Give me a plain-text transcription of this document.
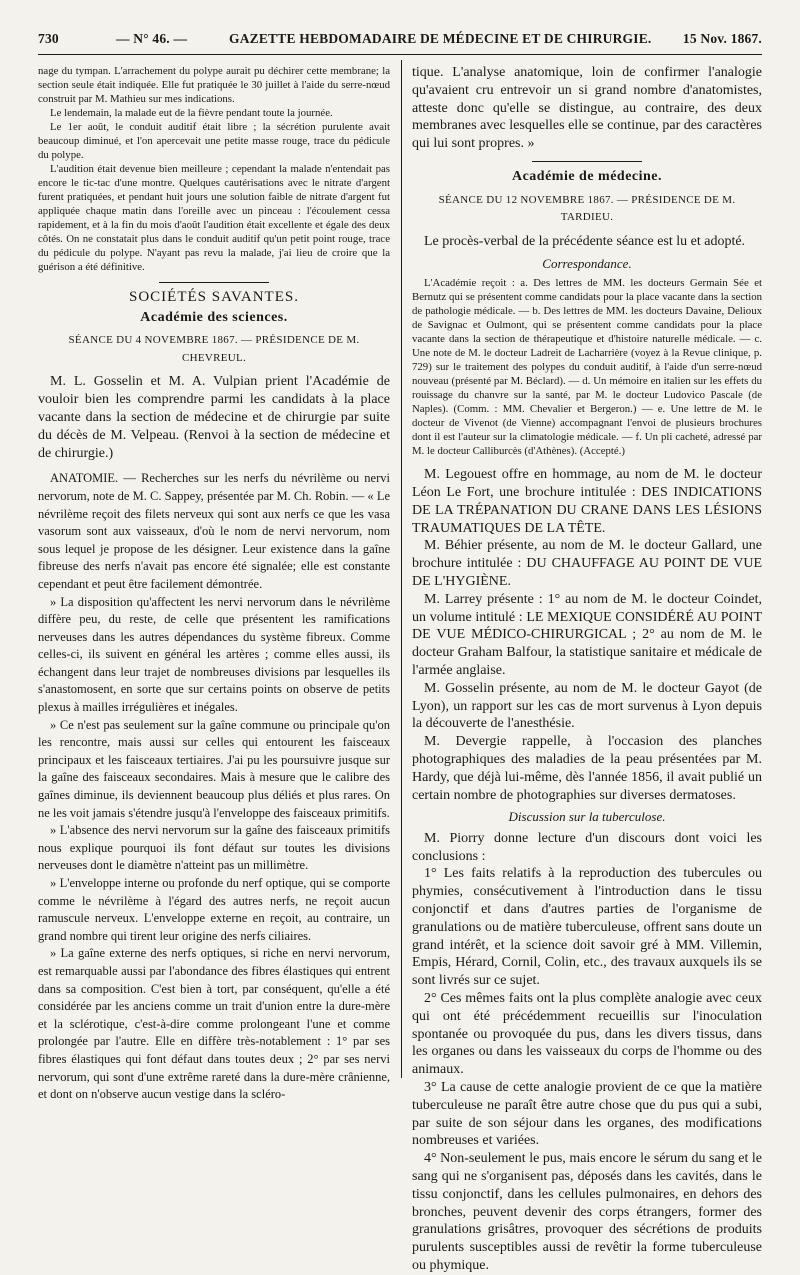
730	— N° 46. —	GAZETTE HEBDOMADAIRE DE MÉDECINE ET DE CHIRURGIE. 15 Nov. 1867.

nage du tympan. L'arrachement du polype aurait pu déchirer cette membrane; la section seule était indiquée. Elle fut pratiquée le 30 juillet à l'aide du serre-nœud construit par M. Mathieu sur mes indications.

Le lendemain, la malade eut de la fièvre pendant toute la journée.

Le 1er août, le conduit auditif était libre ; la sécrétion purulente avait beaucoup diminué, et l'on apercevait une petite masse rouge, trace du pédicule du polype.

L'audition était devenue bien meilleure ; cependant la malade n'entendait pas encore le tic-tac d'une montre. Quelques cautérisations avec le nitrate d'argent furent pratiquées, et pendant huit jours une solution faible de nitrate d'argent fut appliquée chaque matin dans l'oreille avec un pinceau : l'écoulement cessa rapidement, et à la fin du mois d'août l'audition était excellente et égale des deux côtés. On ne constatait plus dans le conduit auditif qu'un petit point rouge, trace du pédicule du polype. N'ayant pas revu la malade, j'ai lieu de croire que la guérison a été définitive.

SOCIÉTÉS SAVANTES.

Académie des sciences.

SÉANCE DU 4 NOVEMBRE 1867. — PRÉSIDENCE DE M. CHEVREUL.

M. L. Gosselin et M. A. Vulpian prient l'Académie de vouloir bien les comprendre parmi les candidats à la place vacante dans la section de médecine et de chirurgie par suite du décès de M. Velpeau. (Renvoi à la section de médecine et de chirurgie.)

ANATOMIE. — Recherches sur les nerfs du névrilème ou nervi nervorum, note de M. C. Sappey, présentée par M. Ch. Robin. — « Le névrilème reçoit des filets nerveux qui sont aux nerfs ce que les vasa vasorum sont aux vaisseaux, d'où le nom de nervi nervorum, nom sous lequel je propose de les désigner. Leur existence dans la gaîne fibreuse des nerfs n'avait pas encore été signalée; elle est constante cependant et peut être facilement démontrée.

» La disposition qu'affectent les nervi nervorum dans le névrilème diffère peu, du reste, de celle que présentent les ramifications nerveuses dans les autres dépendances du système fibreux. Comme celles-ci, ils suivent en général les artères ; comme elles aussi, ils échangent dans leur trajet de nombreuses divisions par lesquelles ils s'anastomosent, en sorte que sur certains points on observe de petits plexus à mailles irrégulières et inégales.

» Ce n'est pas seulement sur la gaîne commune ou principale qu'on les rencontre, mais aussi sur celles qui entourent les faisceaux principaux et les faisceaux tertiaires. J'ai pu les poursuivre jusque sur la gaîne des faisceaux secondaires. Mais à mesure que le calibre des gaînes diminue, ils deviennent beaucoup plus déliés et plus rares. On ne les voit jamais s'étendre jusqu'à l'enveloppe des faisceaux primitifs.

» L'absence des nervi nervorum sur la gaîne des faisceaux primitifs nous explique pourquoi ils font défaut sur toutes les divisions nerveuses dont le diamètre n'atteint pas un millimètre.

» L'enveloppe interne ou profonde du nerf optique, qui se comporte comme le névrilème à l'égard des autres nerfs, ne reçoit aucun ramuscule nerveux. L'enveloppe externe en reçoit, au contraire, un grand nombre qui tirent leur origine des nerfs ciliaires.

» La gaîne externe des nerfs optiques, si riche en nervi nervorum, est remarquable aussi par l'abondance des fibres élastiques qui entrent dans sa composition. C'est bien à tort, par conséquent, qu'elle a été considérée par les anciens comme un trait d'union entre la dure-mère et la sclérotique, c'est-à-dire comme prolongeant l'une et comme prolongée par l'autre. Elle en diffère très-notablement : 1° par ses fibres élastiques qui font défaut dans toutes deux ; 2° par ses nervi nervorum, qui sont d'une extrême rareté dans la dure-mère crânienne, et dont on n'observe aucun vestige dans la scléro-

tique. L'analyse anatomique, loin de confirmer l'analogie qu'avaient cru entrevoir un si grand nombre d'anatomistes, atteste donc qu'elle se distingue, au contraire, des deux membranes avec lesquelles elle se continue, par des caractères qui lui sont propres. »

Académie de médecine.

SÉANCE DU 12 NOVEMBRE 1867. — PRÉSIDENCE DE M. TARDIEU.

Le procès-verbal de la précédente séance est lu et adopté.

Correspondance.

L'Académie reçoit : a. Des lettres de MM. les docteurs Germain Sée et Bernutz qui se présentent comme candidats pour la place vacante dans la section de pathologie médicale. — b. Des lettres de MM. les docteurs Davaine, Delioux de Savignac et Oulmont, qui se présentent comme candidats pour la place vacante dans la section de thérapeutique et d'histoire naturelle médicale. — c. Une note de M. le docteur Ladreit de Lacharrière (voyez à la Revue clinique, p. 729) sur le traitement des polypes du conduit auditif, à l'aide d'un serre-nœud nouveau (présenté par M. Béclard). — d. Un mémoire en italien sur les effets du rouissage du chanvre sur la santé, par M. le docteur Ludovico Pascale (de Naples). (Comm. : MM. Chevalier et Bergeron.) — e. Une lettre de M. le docteur de Vivenot (de Vienne) accompagnant l'envoi de plusieurs brochures dont il est l'auteur sur la climatologie médicale. — f. Un pli cacheté, adressé par M. le docteur Calliburcès (d'Athènes). (Accepté.)

M. Legouest offre en hommage, au nom de M. le docteur Léon Le Fort, une brochure intitulée : DES INDICATIONS DE LA TRÉPANATION DU CRANE DANS LES LÉSIONS TRAUMATIQUES DE LA TÊTE.

M. Béhier présente, au nom de M. le docteur Gallard, une brochure intitulée : DU CHAUFFAGE AU POINT DE VUE DE L'HYGIÈNE.

M. Larrey présente : 1° au nom de M. le docteur Coindet, un volume intitulé : LE MEXIQUE CONSIDÉRÉ AU POINT DE VUE MÉDICO-CHIRURGICAL ; 2° au nom de M. le docteur Graham Balfour, la statistique sanitaire et médicale de l'armée anglaise.

M. Gosselin présente, au nom de M. le docteur Gayot (de Lyon), un rapport sur les cas de mort survenus à Lyon depuis la découverte de l'anesthésie.

M. Devergie rappelle, à l'occasion des planches photographiques des maladies de la peau présentées par M. Hardy, que déjà lui-même, dès l'année 1856, il avait publié un certain nombre de photographies sur diverses dermatoses.

Discussion sur la tuberculose.

M. Piorry donne lecture d'un discours dont voici les conclusions :

1° Les faits relatifs à la reproduction des tubercules ou phymies, consécutivement à l'introduction dans le tissu conjonctif et dans d'autres parties de l'organisme de granulations ou de matière tuberculeuse, offrent sans doute un grand intérêt, et la science doit savoir gré à MM. Villemin, Empis, Hérard, Cornil, Colin, etc., des travaux auxquels ils se sont livrés sur ce sujet.

2° Ces mêmes faits ont la plus complète analogie avec ceux qui ont été précédemment recueillis sur l'inoculation spontanée ou provoquée du pus, dans les divers tissus, dans les organes ou dans les vaisseaux du corps de l'homme ou des animaux.

3° La cause de cette analogie provient de ce que la matière tuberculeuse ne paraît être autre chose que du pus qui a subi, par suite de son séjour dans les organes, des modifications nombreuses et variées.

4° Non-seulement le pus, mais encore le sérum du sang et le sang qui ne s'organisent pas, déposés dans les cavités, dans le tissu conjonctif, dans les cellules pulmonaires, en dehors des bronches, peuvent devenir des corps étrangers, former des granulations grisâtres, provoquer des sécrétions de produits purulents susceptibles aussi de revêtir la forme tuberculeuse ou phymique.
